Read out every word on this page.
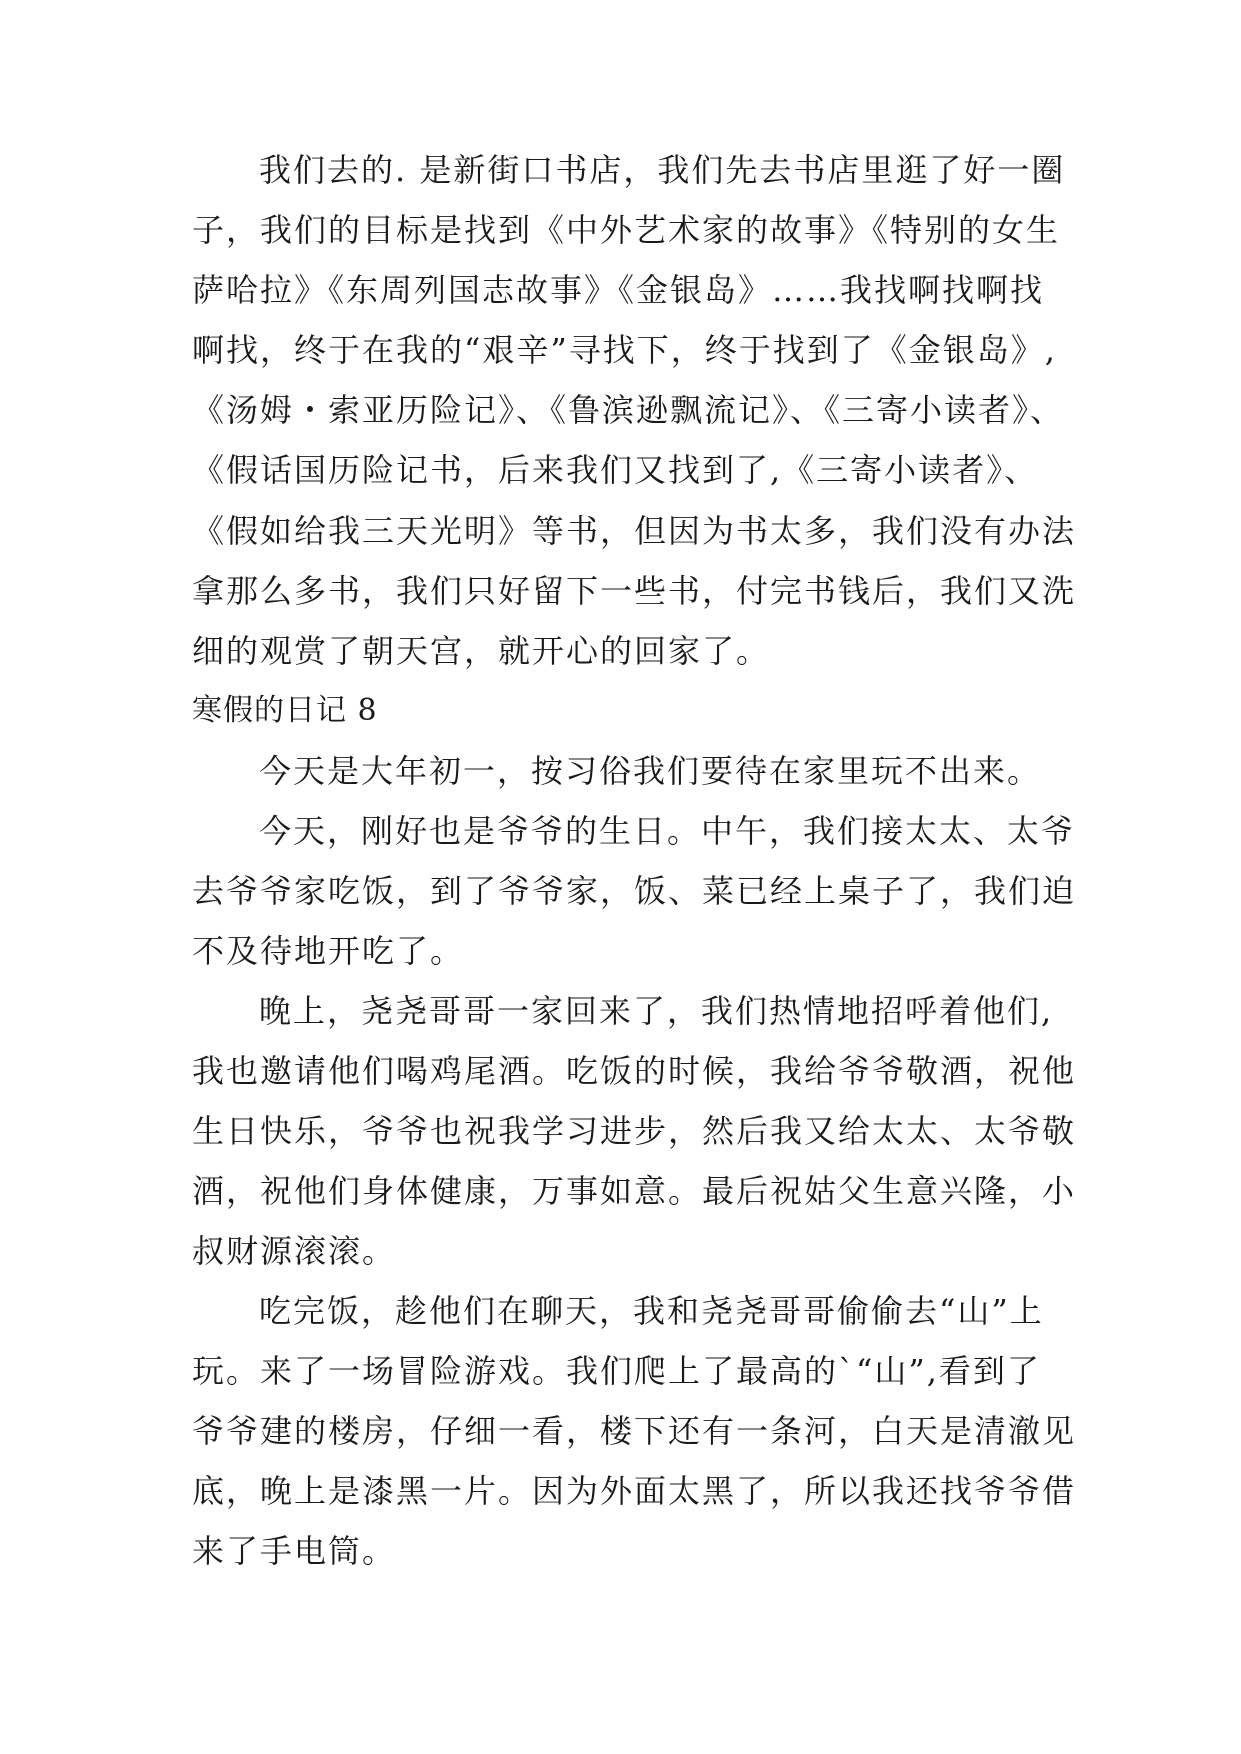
我们去的. 是新街口书店，我们先去书店里逛了好一圈
子，我们的目标是找到《中外艺术家的故事》《特别的女生
萨哈拉》《东周列国志故事》《金银岛》……我找啊找啊找
啊找，终于在我的“艰辛”寻找下，终于找到了《金银岛》,
《汤姆・索亚历险记》、《鲁滨逊飘流记》、《三寄小读者》、
《假话国历险记书，后来我们又找到了,《三寄小读者》、
《假如给我三天光明》等书，但因为书太多，我们没有办法
拿那么多书，我们只好留下一些书，付完书钱后，我们又洗
细的观赏了朝天宫，就开心的回家了。
寒假的日记 8
今天是大年初一，按习俗我们要待在家里玩不出来。
今天，刚好也是爷爷的生日。中午，我们接太太、太爷
去爷爷家吃饭，到了爷爷家，饭、菜已经上桌子了，我们迫
不及待地开吃了。
晚上，尧尧哥哥一家回来了，我们热情地招呼着他们,
我也邀请他们喝鸡尾酒。吃饭的时候，我给爷爷敬酒，祝他
生日快乐，爷爷也祝我学习进步，然后我又给太太、太爷敬
酒，祝他们身体健康，万事如意。最后祝姑父生意兴隆，小
叔财源滚滚。
吃完饭，趁他们在聊天，我和尧尧哥哥偷偷去“山”上
玩。来了一场冒险游戏。我们爬上了最高的`“山”,看到了
爷爷建的楼房，仔细一看，楼下还有一条河，白天是清澈见
底，晚上是漆黑一片。因为外面太黑了，所以我还找爷爷借
来了手电筒。
